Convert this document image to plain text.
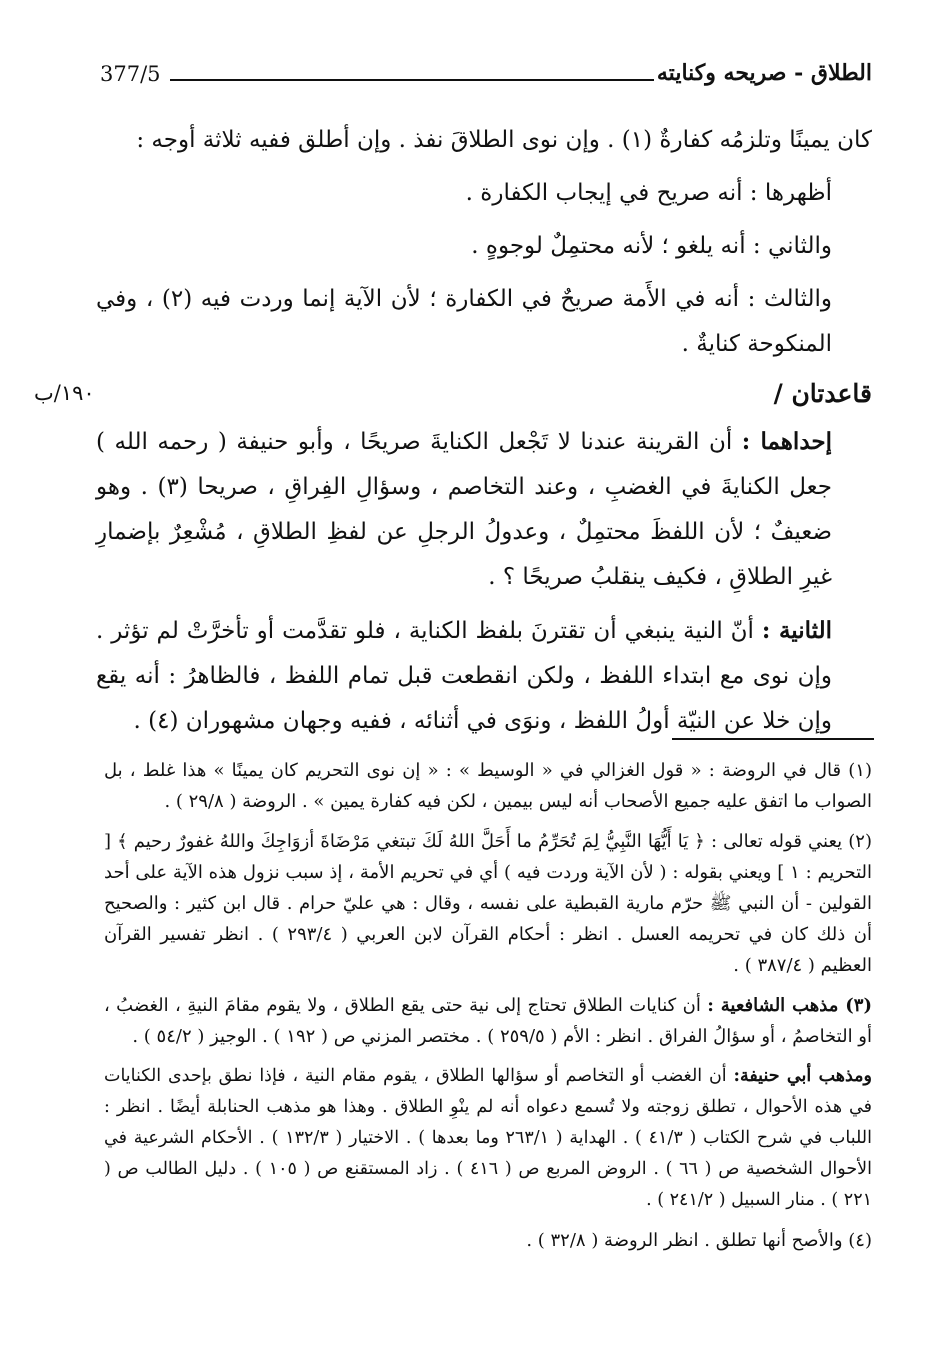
377/5	الطلاق - صريحه وكنايته

كان يمينًا وتلزمُه كفارةٌ (١) . وإن نوى الطلاقَ نفذ . وإن أطلق ففيه ثلاثة أوجه :

أظهرها : أنه صريح في إيجاب الكفارة .

والثاني : أنه يلغو ؛ لأنه محتمِلٌ لوجوهٍ .

والثالث : أنه في الأَمة صريحٌ في الكفارة ؛ لأن الآية إنما وردت فيه (٢) ، وفي المنكوحة كنايةٌ .

قاعدتان /
١٩٠/ب

إحداهما : أن القرينة عندنا لا تَجْعل الكنايةَ صريحًا ، وأبو حنيفة ( رحمه الله ) جعل الكنايةَ في الغضبِ ، وعند التخاصم ، وسؤالِ الفِراقِ ، صريحا (٣) . وهو ضعيفٌ ؛ لأن اللفظَ محتمِلٌ ، وعدولُ الرجلِ عن لفظِ الطلاقِ ، مُشْعِرٌ بإضمارِ غيرِ الطلاقِ ، فكيف ينقلبُ صريحًا ؟ .

الثانية : أنّ النية ينبغي أن تقترنَ بلفظ الكناية ، فلو تقدَّمت أو تأخرَّتْ لم تؤثر . وإن نوى مع ابتداء اللفظ ، ولكن انقطعت قبل تمام اللفظ ، فالظاهرُ : أنه يقع وإن خلا عن النيّة أولُ اللفظ ، ونوَى في أثنائه ، ففيه وجهان مشهوران (٤) .

(١) قال في الروضة : « قول الغزالي في « الوسيط » : « إن نوى التحريم كان يمينًا » هذا غلط ، بل الصواب ما اتفق عليه جميع الأصحاب أنه ليس بيمين ، لكن فيه كفارة يمين » . الروضة ( ٢٩/٨ ) .

(٢) يعني قوله تعالى : ﴿ يَا أَيُّهَا النَّبِيُّ لِمَ تُحَرِّمُ ما أَحَلَّ اللهُ لَكَ تبتغي مَرْضَاةَ أزوَاجِكَ واللهُ غفورٌ رحيم ﴾ [ التحريم : ١ ] ويعني بقوله : ( لأن الآية وردت فيه ) أي في تحريم الأمة ، إذ سبب نزول هذه الآية على أحد القولين - أن النبي ﷺ حرّم مارية القبطية على نفسه ، وقال : هي عليّ حرام . قال ابن كثير : والصحيح أن ذلك كان في تحريمه العسل . انظر : أحكام القرآن لابن العربي ( ٢٩٣/٤ ) . انظر تفسير القرآن العظيم ( ٣٨٧/٤ ) .

(٣) مذهب الشافعية : أن كنايات الطلاق تحتاج إلى نية حتى يقع الطلاق ، ولا يقوم مقامَ النيةِ ، الغضبُ ، أو التخاصمُ ، أو سؤالُ الفراق . انظر : الأم ( ٢٥٩/٥ ) . مختصر المزني ص ( ١٩٢ ) . الوجيز ( ٥٤/٢ ) .

ومذهب أبي حنيفة: أن الغضب أو التخاصم أو سؤالها الطلاق ، يقوم مقام النية ، فإذا نطق بإحدى الكنايات في هذه الأحوال ، تطلق زوجته ولا تُسمع دعواه أنه لم ينْوِ الطلاق . وهذا هو مذهب الحنابلة أيضًا . انظر : اللباب في شرح الكتاب ( ٤١/٣ ) . الهداية ( ٢٦٣/١ وما بعدها ) . الاختيار ( ١٣٢/٣ ) . الأحكام الشرعية في الأحوال الشخصية ص ( ٦٦ ) . الروض المربع ص ( ٤١٦ ) . زاد المستقنع ص ( ١٠٥ ) . دليل الطالب ص ( ٢٢١ ) . منار السبيل ( ٢٤١/٢ ) .

(٤) والأصح أنها تطلق . انظر الروضة ( ٣٢/٨ ) .
